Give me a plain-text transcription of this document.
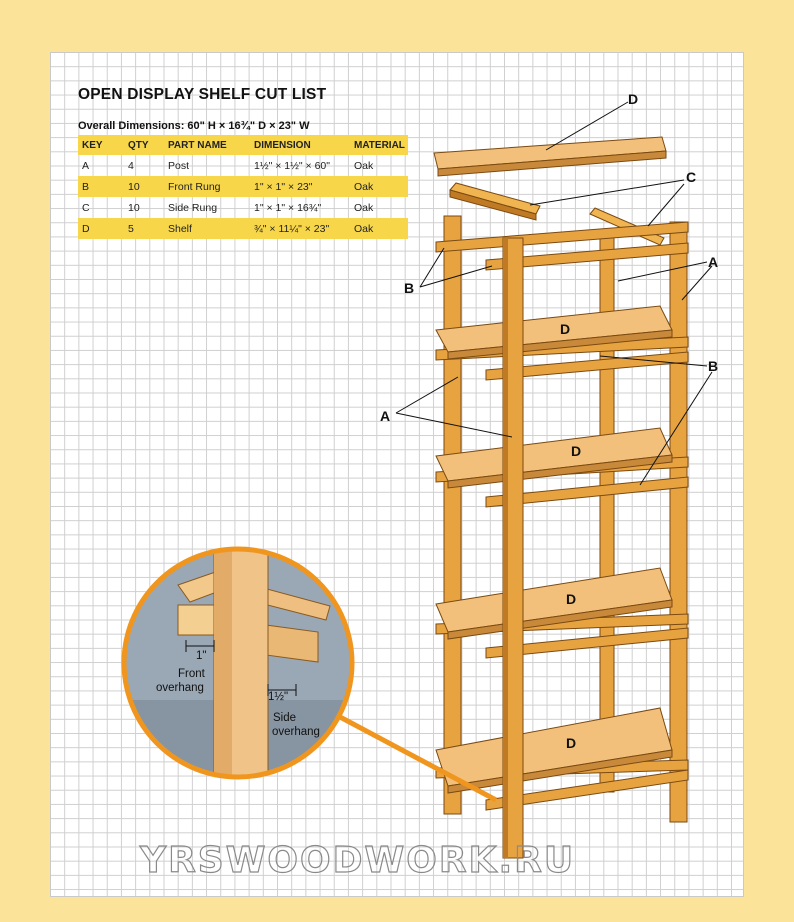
OPEN DISPLAY SHELF CUT LIST
Overall Dimensions: 60" H × 16¾" D × 23" W
KEY	QTY	PART NAME	DIMENSION	MATERIAL
A	4	Post	1½" × 1½" × 60"	Oak
B	10	Front Rung	1" × 1" × 23"	Oak
C	10	Side Rung	1" × 1" × 16¾"	Oak
D	5	Shelf	¾" × 11¼" × 23"	Oak
D
C
B
A
B
A
D
D
D
D
1"
Front
overhang
1½"
Side
overhang
YRSWOODWORK.RU
